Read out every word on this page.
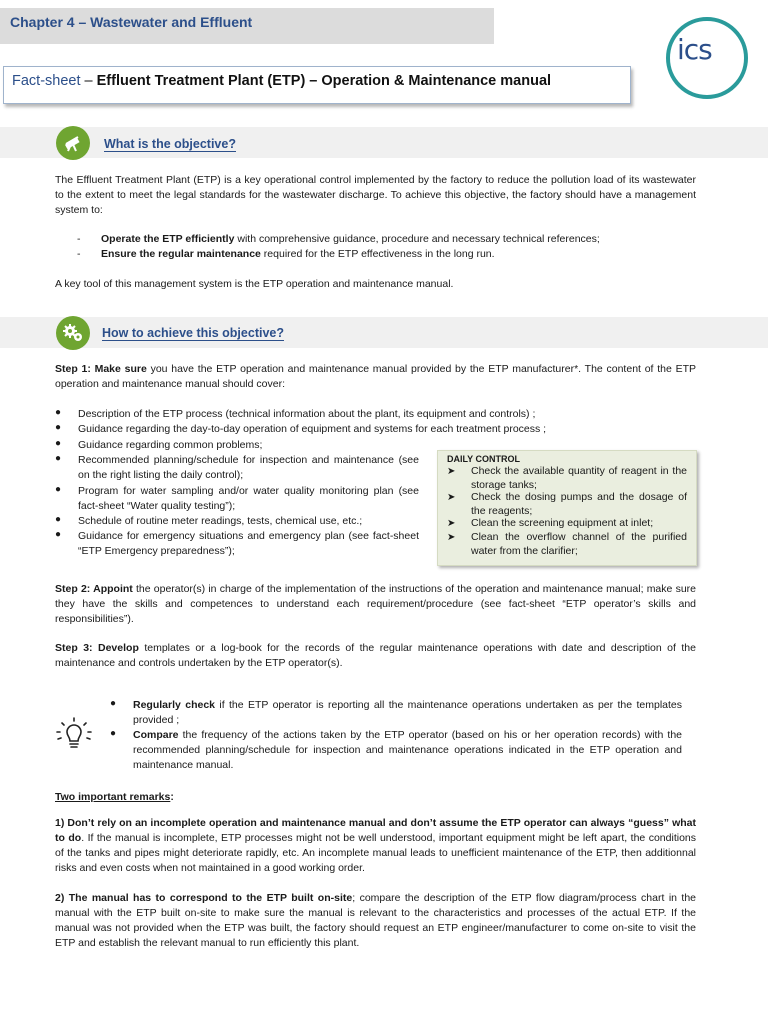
Chapter 4 – Wastewater and Effluent
Fact-sheet – Effluent Treatment Plant (ETP) – Operation & Maintenance manual
ics
What is the objective?

The Effluent Treatment Plant (ETP) is a key operational control implemented by the factory to reduce the pollution load of its wastewater to the extent to meet the legal standards for the wastewater discharge. To achieve this objective, the factory should have a management system to:

- Operate the ETP efficiently with comprehensive guidance, procedure and necessary technical references;
- Ensure the regular maintenance required for the ETP effectiveness in the long run.

A key tool of this management system is the ETP operation and maintenance manual.

How to achieve this objective?

Step 1: Make sure you have the ETP operation and maintenance manual provided by the ETP manufacturer*. The content of the ETP operation and maintenance manual should cover:

● Description of the ETP process (technical information about the plant, its equipment and controls) ;
● Guidance regarding the day-to-day operation of equipment and systems for each treatment process ;
● Guidance regarding common problems;
● Recommended planning/schedule for inspection and maintenance (see on the right listing the daily control);
● Program for water sampling and/or water quality monitoring plan (see fact-sheet “Water quality testing”);
● Schedule of routine meter readings, tests, chemical use, etc.;
● Guidance for emergency situations and emergency plan (see fact-sheet “ETP Emergency preparedness”);
DAILY CONTROL
➤ Check the available quantity of reagent in the storage tanks;
➤ Check the dosing pumps and the dosage of the reagents;
➤ Clean the screening equipment at inlet;
➤ Clean the overflow channel of the purified water from the clarifier;

Step 2: Appoint the operator(s) in charge of the implementation of the instructions of the operation and maintenance manual; make sure they have the skills and competences to understand each requirement/procedure (see fact-sheet “ETP operator’s skills and responsibilities”).

Step 3: Develop templates or a log-book for the records of the regular maintenance operations with date and description of the maintenance and controls undertaken by the ETP operator(s).

● Regularly check if the ETP operator is reporting all the maintenance operations undertaken as per the templates provided ;
● Compare the frequency of the actions taken by the ETP operator (based on his or her operation records) with the recommended planning/schedule for inspection and maintenance operations indicated in the ETP operation and maintenance manual.
Two important remarks:

1) Don’t rely on an incomplete operation and maintenance manual and don’t assume the ETP operator can always “guess” what to do. If the manual is incomplete, ETP processes might not be well understood, important equipment might be left apart, the conditions of the tanks and pipes might deteriorate rapidly, etc. An incomplete manual leads to unefficient maintenance of the ETP, then additionnal risks and even costs when not maintained in a good working order.

2) The manual has to correspond to the ETP built on-site; compare the description of the ETP flow diagram/process chart in the manual with the ETP built on-site to make sure the manual is relevant to the characteristics and processes of the actual ETP. If the manual was not provided when the ETP was built, the factory should request an ETP engineer/manufacturer to come on-site to visit the ETP and establish the relevant manual to run efficiently this plant.
